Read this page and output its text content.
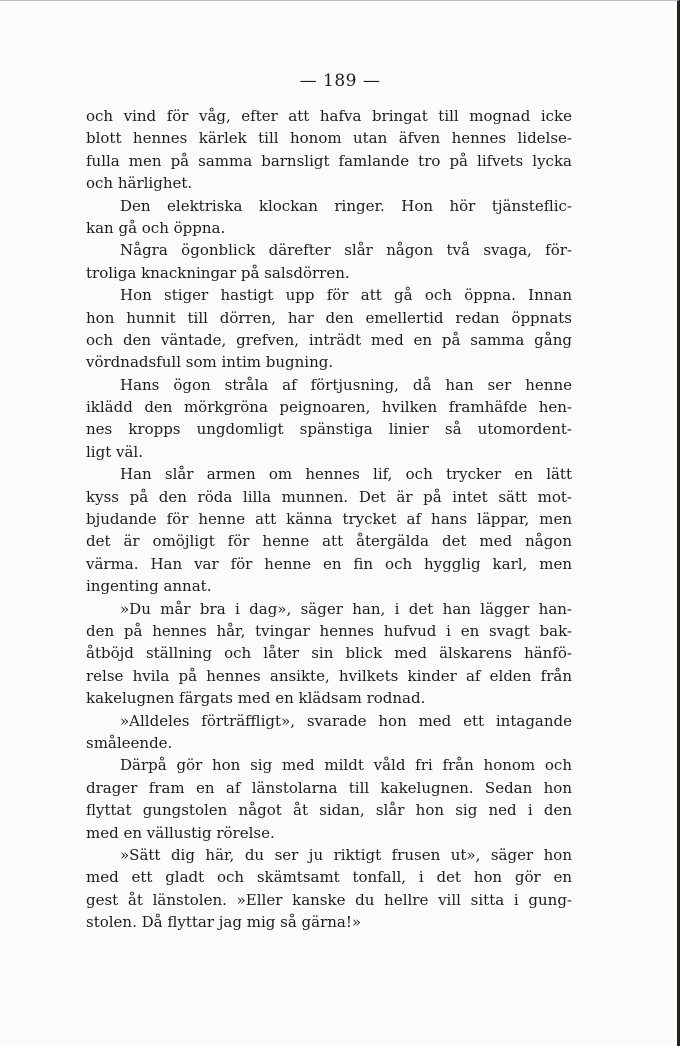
— 189 —
och vind för våg, efter att hafva bringat till mognad icke
blott hennes kärlek till honom utan äfven hennes lidelse-
fulla men på samma barnsligt famlande tro på lifvets lycka
och härlighet.
Den elektriska klockan ringer. Hon hör tjänsteflic-
kan gå och öppna.
Några ögonblick därefter slår någon två svaga, för-
troliga knackningar på salsdörren.
Hon stiger hastigt upp för att gå och öppna. Innan
hon hunnit till dörren, har den emellertid redan öppnats
och den väntade, grefven, inträdt med en på samma gång
vördnadsfull som intim bugning.
Hans ögon stråla af förtjusning, då han ser henne
iklädd den mörkgröna peignoaren, hvilken framhäfde hen-
nes kropps ungdomligt spänstiga linier så utomordent-
ligt väl.
Han slår armen om hennes lif, och trycker en lätt
kyss på den röda lilla munnen. Det är på intet sätt mot-
bjudande för henne att känna trycket af hans läppar, men
det är omöjligt för henne att återgälda det med någon
värma. Han var för henne en fin och hygglig karl, men
ingenting annat.
»Du mår bra i dag», säger han, i det han lägger han-
den på hennes hår, tvingar hennes hufvud i en svagt bak-
åtböjd ställning och låter sin blick med älskarens hänfö-
relse hvila på hennes ansikte, hvilkets kinder af elden från
kakelugnen färgats med en klädsam rodnad.
»Alldeles förträffligt», svarade hon med ett intagande
småleende.
Därpå gör hon sig med mildt våld fri från honom och
drager fram en af länstolarna till kakelugnen. Sedan hon
flyttat gungstolen något åt sidan, slår hon sig ned i den
med en vällustig rörelse.
»Sätt dig här, du ser ju riktigt frusen ut», säger hon
med ett gladt och skämtsamt tonfall, i det hon gör en
gest åt länstolen. »Eller kanske du hellre vill sitta i gung-
stolen. Då flyttar jag mig så gärna!»
